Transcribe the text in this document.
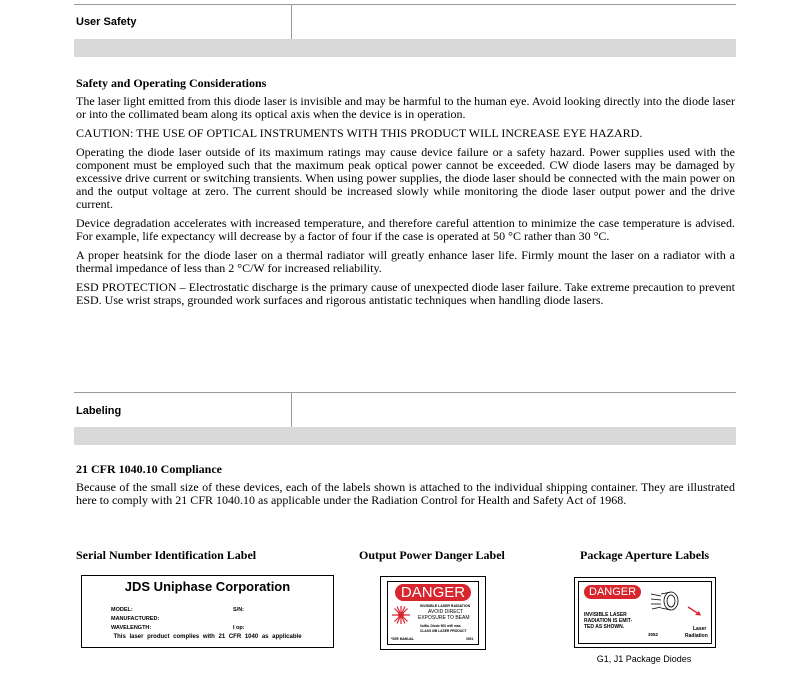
User Safety
Safety and Operating Considerations

The laser light emitted from this diode laser is invisible and may be harmful to the human eye. Avoid looking directly into the diode laser or into the collimated beam along its optical axis when the device is in operation.

CAUTION: THE USE OF OPTICAL INSTRUMENTS WITH THIS PRODUCT WILL INCREASE EYE HAZARD.

Operating the diode laser outside of its maximum ratings may cause device failure or a safety hazard. Power supplies used with the component must be employed such that the maximum peak optical power cannot be exceeded. CW diode lasers may be damaged by excessive drive current or switching transients. When using power supplies, the diode laser should be connected with the main power on and the output voltage at zero. The current should be increased slowly while monitoring the diode laser output power and the drive current.

Device degradation accelerates with increased temperature, and therefore careful attention to minimize the case temperature is advised. For example, life expectancy will decrease by a factor of four if the case is operated at 50 °C rather than 30 °C.

A proper heatsink for the diode laser on a thermal radiator will greatly enhance laser life. Firmly mount the laser on a radiator with a thermal impedance of less than 2 °C/W for increased reliability.

ESD PROTECTION – Electrostatic discharge is the primary cause of unexpected diode laser failure. Take extreme precaution to prevent ESD. Use wrist straps, grounded work surfaces and rigorous antistatic techniques when handling diode lasers.

Labeling
21 CFR 1040.10 Compliance

Because of the small size of these devices, each of the labels shown is attached to the individual shipping container. They are illustrated here to comply with 21 CFR 1040.10 as applicable under the Radiation Control for Health and Safety Act of 1968.

Serial Number Identification Label	Output Power Danger Label	Package Aperture Labels
JDS Uniphase Corporation
MODEL:	S/N:
MANUFACTURED:
WAVELENGTH:	I op:
This laser product complies with 21 CFR 1040 as applicable
DANGER
INVISIBLE LASER RADIATION
AVOID DIRECT
EXPOSURE TO BEAM
0uWa. Diode 500 mW max.
CLASS IIIB LASER PRODUCT
*SEE MANUAL	3001
DANGER
INVISIBLE LASER
RADIATION IS EMIT-
TED AS SHOWN.
3052
Laser
Radiation
G1, J1 Package Diodes
